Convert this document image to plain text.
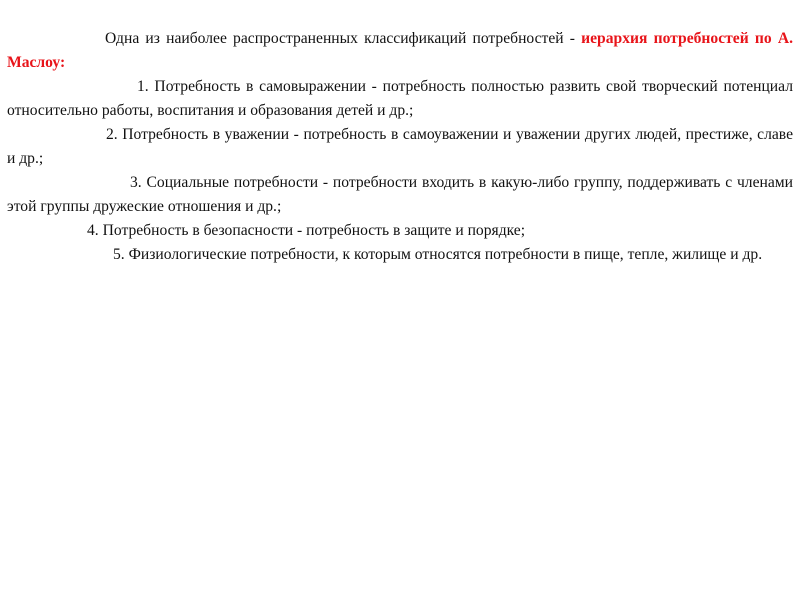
Одна из наиболее распространенных классификаций потребностей - иерархия потребностей по А. Маслоу:

1. Потребность в самовыражении - потребность полностью развить свой творческий потенциал относительно работы, воспитания и образования детей и др.;

2. Потребность в уважении - потребность в самоуважении и уважении других людей, престиже, славе и др.;

3. Социальные потребности - потребности входить в какую-либо группу, поддерживать с членами этой группы дружеские отношения и др.;

4. Потребность в безопасности - потребность в защите и порядке;

5. Физиологические потребности, к которым относятся потребности в пище, тепле, жилище и др.
